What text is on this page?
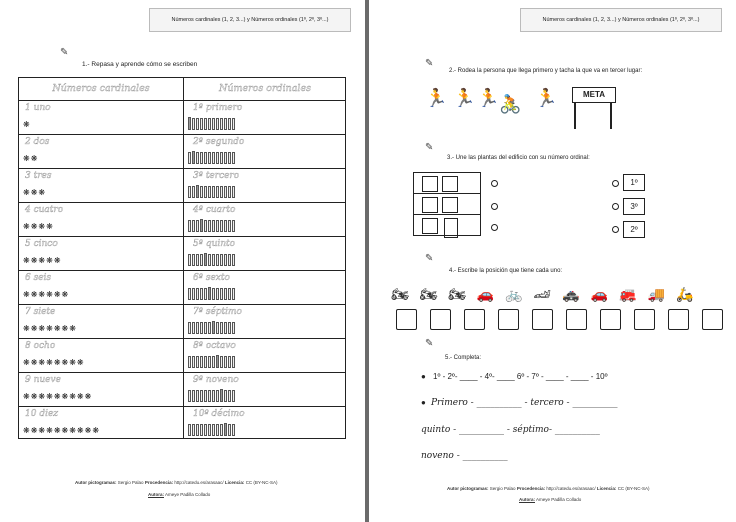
Números cardinales (1, 2, 3...) y Números ordinales (1º, 2º, 3º...)
✎
1.- Repasa y aprende cómo se escriben
Números cardinales	Números ordinales
1 uno
❋
1º primero
2 dos
❋❋
2º segundo
3 tres
❋❋❋
3º tercero
4 cuatro
❋❋❋❋
4º cuarto
5 cinco
❋❋❋❋❋
5º quinto
6 seis
❋❋❋❋❋❋
6º sexto
7 siete
❋❋❋❋❋❋❋
7º séptimo
8 ocho
❋❋❋❋❋❋❋❋
8º octavo
9 nueve
❋❋❋❋❋❋❋❋❋
9º noveno
10 diez
❋❋❋❋❋❋❋❋❋❋
10º décimo
Autor pictogramas: Sergio Palao Procedencia: http://catedu.es/arasaac/ Licencia: CC (BY-NC-SA)
Autora: Ameye Padilla Collado
Números cardinales (1, 2, 3...) y Números ordinales (1º, 2º, 3º...)
✎
2.- Rodea la persona que llega primero y tacha la que va en tercer lugar:
🏃 🏃 🏃 🚴 🏃	META
✎
3.- Une las plantas del edificio con su número ordinal:
1º
3º
2º
✎
4.- Escribe la posición que tiene cada uno:
🏍 🏍 🏍 🚗 🚲 🏎 🚓 🚗 🚒 🚚 🛵
✎
5.- Completa:
● 1º - 2º- ____ - 4º- ____ 6º - 7º - ____ - ____ - 10º
● Primero - __________ - tercero - __________
quinto - __________ - séptimo- __________
noveno - __________
Autor pictogramas: Sergio Palao Procedencia: http://catedu.es/arasaac/ Licencia: CC (BY-NC-SA)
Autora: Ameye Padilla Collado
